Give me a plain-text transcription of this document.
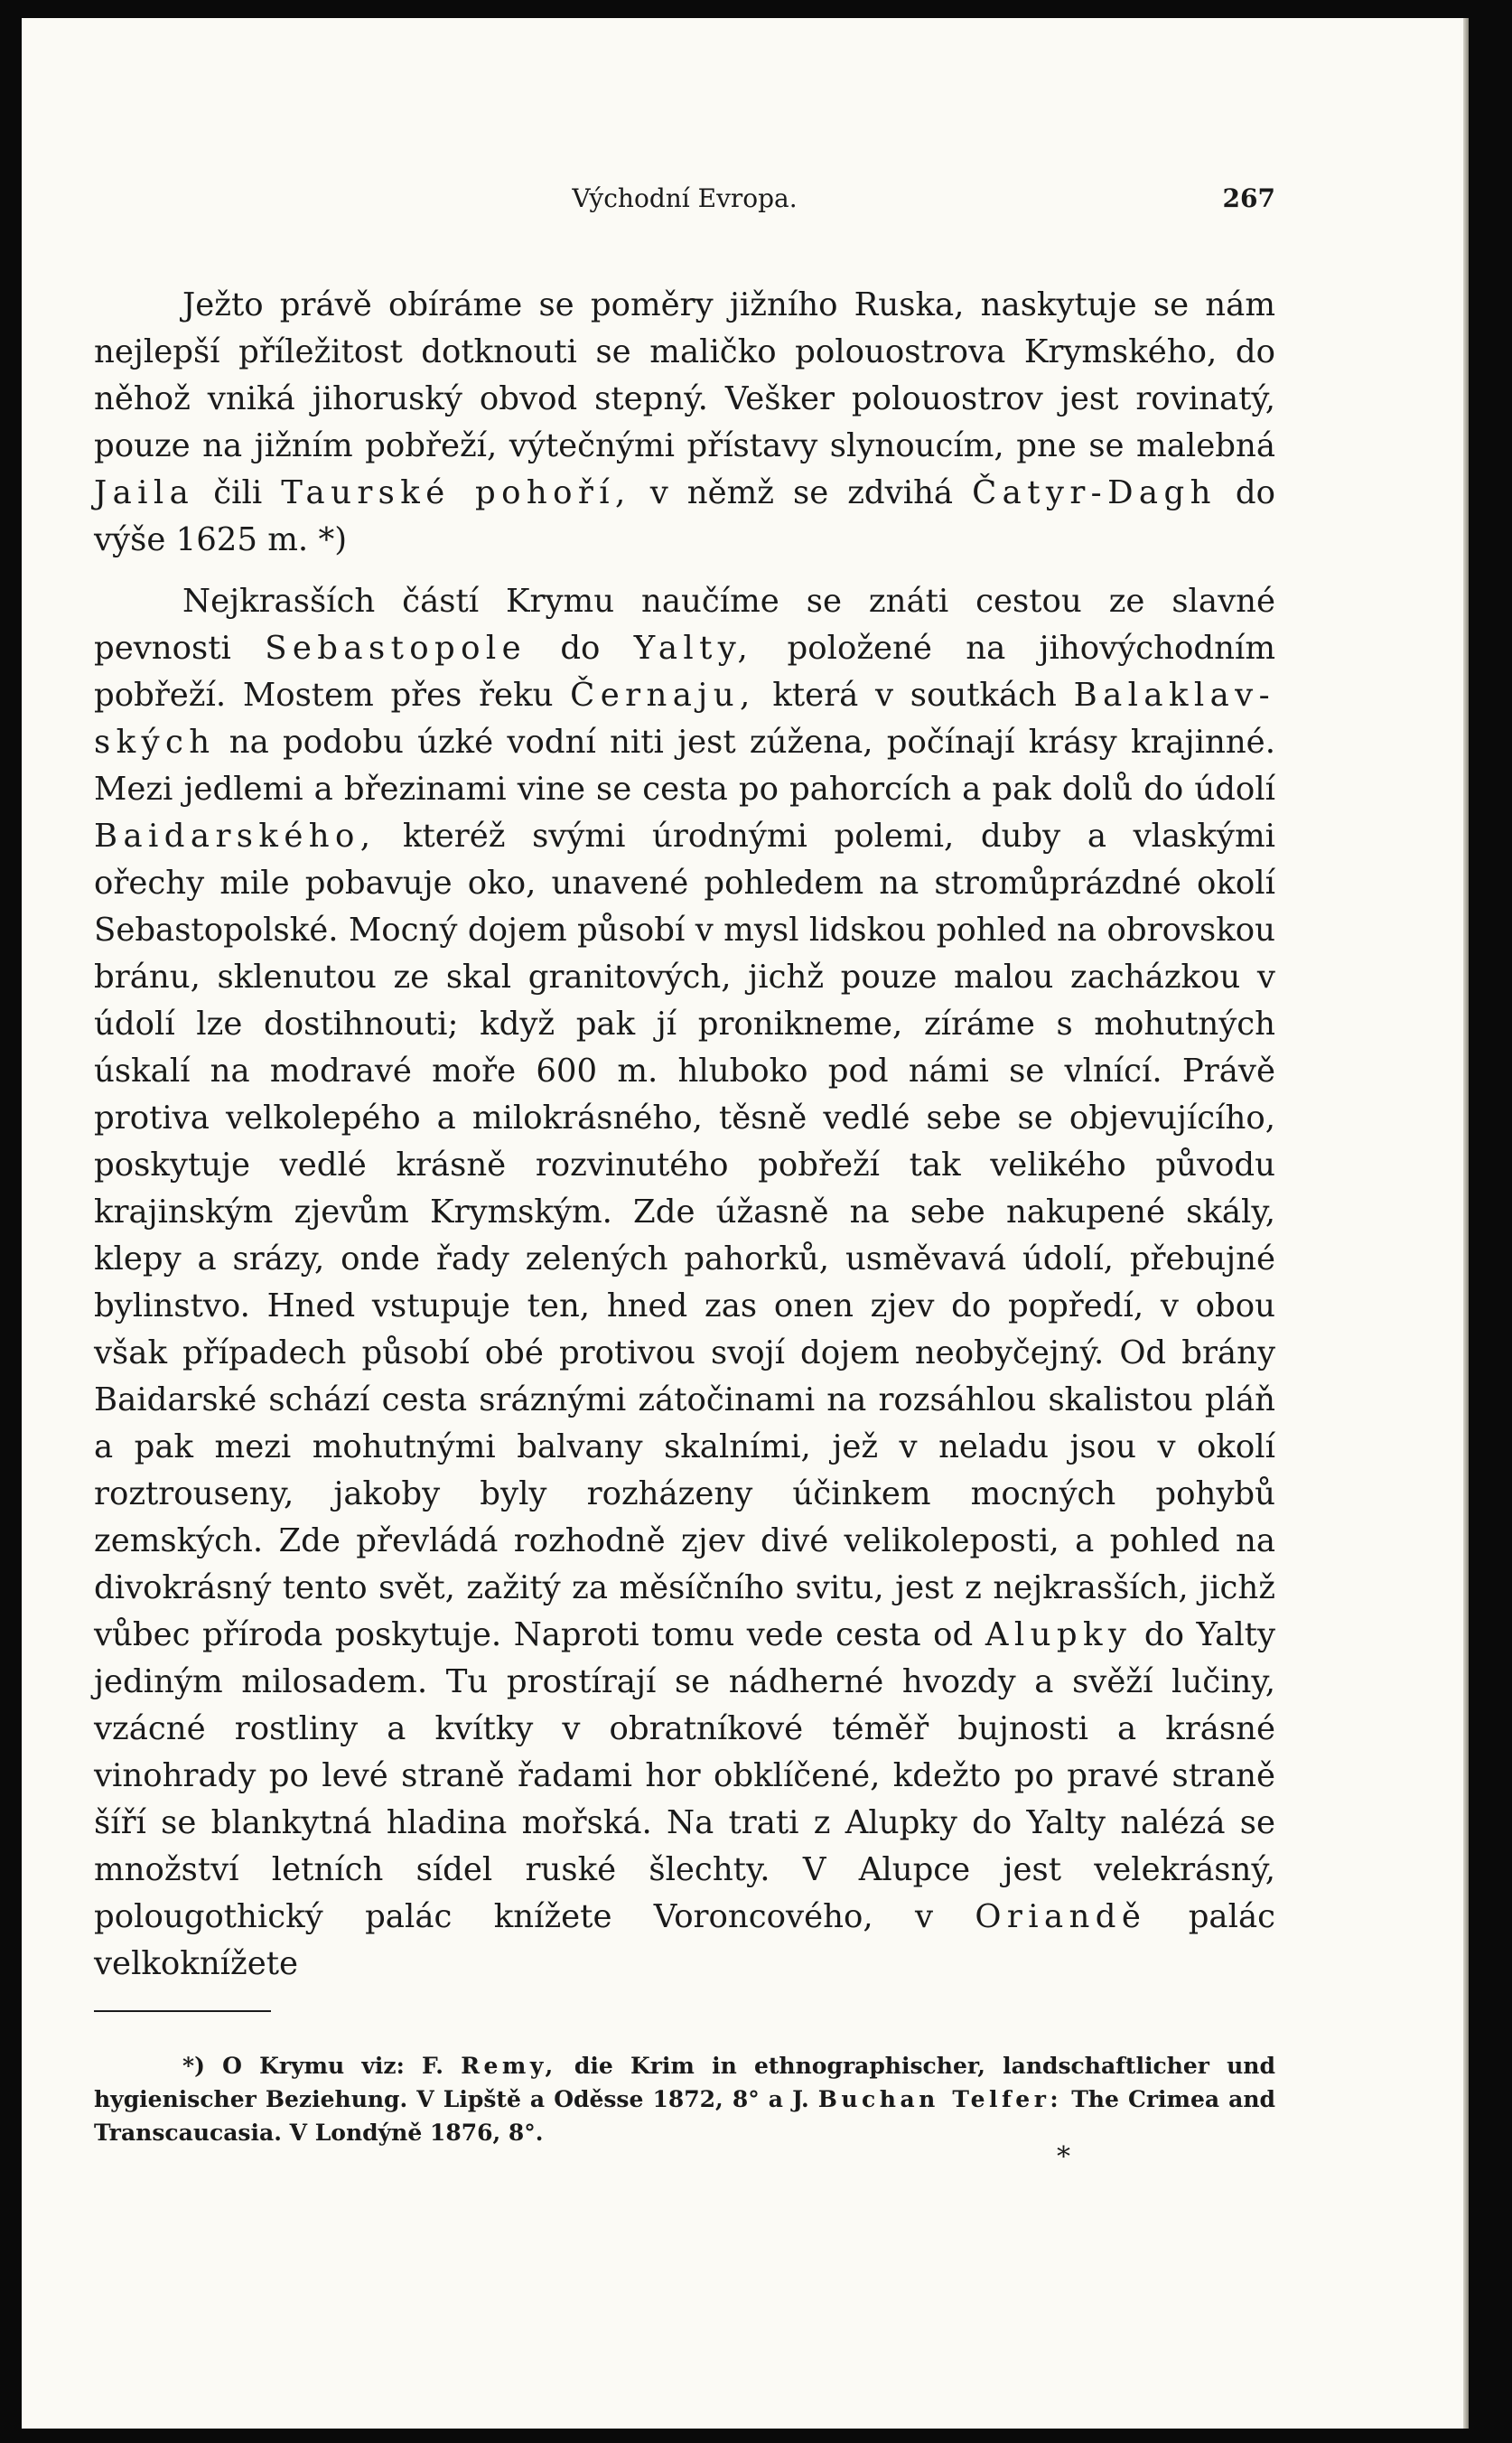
Východní Evropa.	267

Ježto právě obíráme se poměry jižního Ruska, naskytuje se nám nejlepší příležitost dotknouti se maličko polouostrova Krymského, do něhož vniká jihoruský obvod stepný. Vešker polouostrov jest rovinatý, pouze na jižním pobřeží, výtečnými přístavy slynoucím, pne se malebná Jaila čili Taurské pohoří, v němž se zdvihá Čatyr-Dagh do výše 1625 m. *)

Nejkrasších částí Krymu naučíme se znáti cestou ze slavné pevnosti Sebastopole do Yalty, položené na jihovýchodním pobřeží. Mostem přes řeku Černaju, která v soutkách Balaklav-ských na podobu úzké vodní niti jest zúžena, počínají krásy krajinné. Mezi jedlemi a březinami vine se cesta po pahorcích a pak dolů do údolí Baidarského, kteréž svými úrodnými polemi, duby a vlaskými ořechy mile pobavuje oko, unavené pohledem na stromůprázdné okolí Sebastopolské. Mocný dojem působí v mysl lidskou pohled na obrovskou bránu, sklenutou ze skal granitových, jichž pouze malou zacházkou v údolí lze dostihnouti; když pak jí pronikneme, zíráme s mohutných úskalí na modravé moře 600 m. hluboko pod námi se vlnící. Právě protiva velkolepého a milokrásného, těsně vedlé sebe se objevujícího, poskytuje vedlé krásně rozvinutého pobřeží tak velikého původu krajinským zjevům Krymským. Zde úžasně na sebe nakupené skály, klepy a srázy, onde řady zelených pahorků, usměvavá údolí, přebujné bylinstvo. Hned vstupuje ten, hned zas onen zjev do popředí, v obou však případech působí obé protivou svojí dojem neobyčejný. Od brány Baidarské schází cesta sráznými zátočinami na rozsáhlou skalistou pláň a pak mezi mohutnými balvany skalními, jež v neladu jsou v okolí roztrouseny, jakoby byly rozházeny účinkem mocných pohybů zemských. Zde převládá rozhodně zjev divé velikoleposti, a pohled na divokrásný tento svět, zažitý za měsíčního svitu, jest z nejkrasších, jichž vůbec příroda poskytuje. Naproti tomu vede cesta od Alupky do Yalty jediným milosadem. Tu prostírají se nádherné hvozdy a svěží lučiny, vzácné rostliny a kvítky v obratníkové téměř bujnosti a krásné vinohrady po levé straně řadami hor obklíčené, kdežto po pravé straně šíří se blankytná hladina mořská. Na trati z Alupky do Yalty nalézá se množství letních sídel ruské šlechty. V Alupce jest velekrásný, polougothický palác knížete Voroncového, v Oriandě palác velkoknížete

*) O Krymu viz: F. Remy, die Krim in ethnographischer, landschaftlicher und hygienischer Beziehung. V Lipště a Oděsse 1872, 8° a J. Buchan Telfer: The Crimea and Transcaucasia. V Londýně 1876, 8°.

*
